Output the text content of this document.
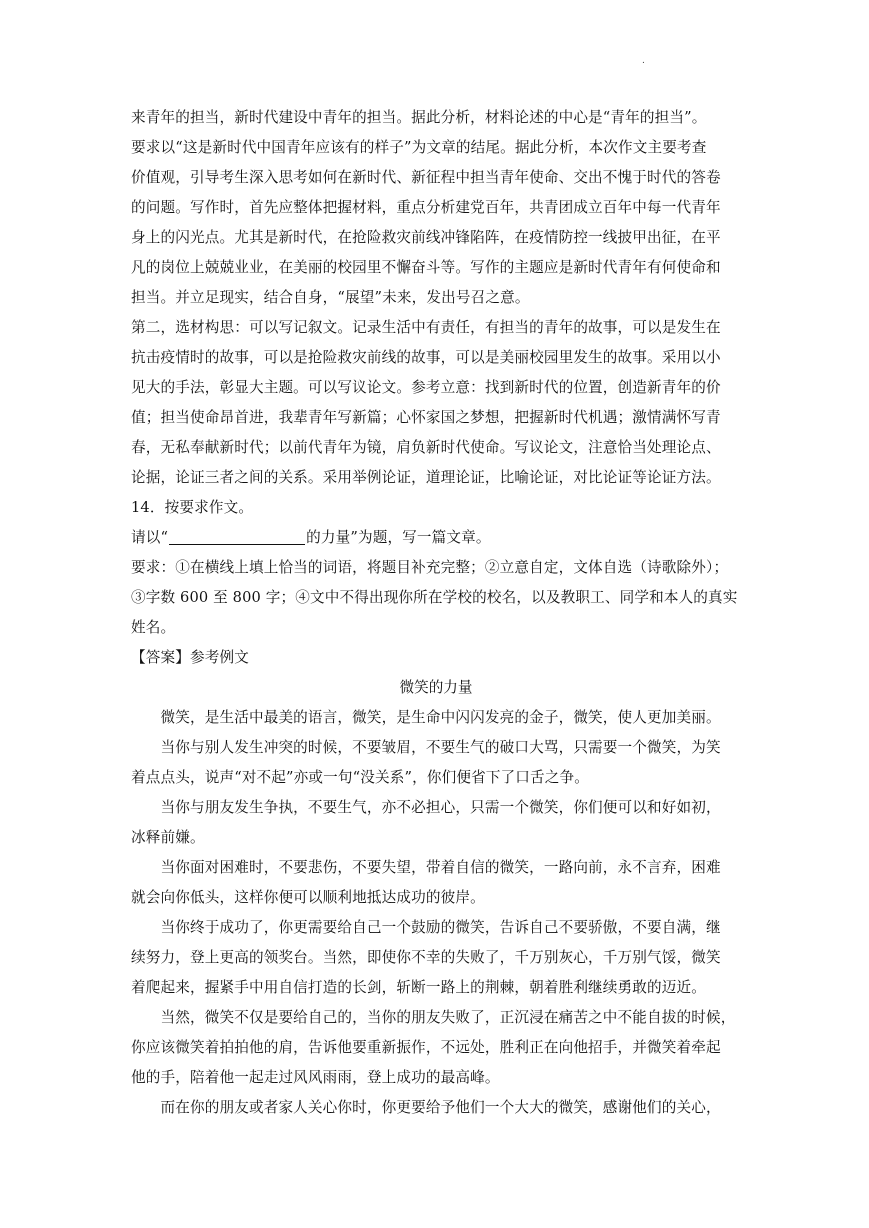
.
来青年的担当，新时代建设中青年的担当。据此分析，材料论述的中心是“青年的担当”。
要求以“这是新时代中国青年应该有的样子”为文章的结尾。据此分析，本次作文主要考查
价值观，引导考生深入思考如何在新时代、新征程中担当青年使命、交出不愧于时代的答卷
的问题。写作时，首先应整体把握材料，重点分析建党百年，共青团成立百年中每一代青年
身上的闪光点。尤其是新时代，在抢险救灾前线冲锋陷阵，在疫情防控一线披甲出征，在平
凡的岗位上兢兢业业，在美丽的校园里不懈奋斗等。写作的主题应是新时代青年有何使命和
担当。并立足现实，结合自身，“展望”未来，发出号召之意。
第二，选材构思：可以写记叙文。记录生活中有责任，有担当的青年的故事，可以是发生在
抗击疫情时的故事，可以是抢险救灾前线的故事，可以是美丽校园里发生的故事。采用以小
见大的手法，彰显大主题。可以写议论文。参考立意：找到新时代的位置，创造新青年的价
值；担当使命昂首进，我辈青年写新篇；心怀家国之梦想，把握新时代机遇；激情满怀写青
春，无私奉献新时代；以前代青年为镜，肩负新时代使命。写议论文，注意恰当处理论点、
论据，论证三者之间的关系。采用举例论证，道理论证，比喻论证，对比论证等论证方法。
14．按要求作文。
请以“	的力量”为题，写一篇文章。
要求：①在横线上填上恰当的词语，将题目补充完整；②立意自定，文体自选（诗歌除外）；
③字数 600 至 800 字；④文中不得出现你所在学校的校名，以及教职工、同学和本人的真实
姓名。
【答案】参考例文
微笑的力量
　　微笑，是生活中最美的语言，微笑，是生命中闪闪发亮的金子，微笑，使人更加美丽。
　　当你与别人发生冲突的时候，不要皱眉，不要生气的破口大骂，只需要一个微笑，为笑
着点点头，说声“对不起”亦或一句“没关系”，你们便省下了口舌之争。
　　当你与朋友发生争执，不要生气，亦不必担心，只需一个微笑，你们便可以和好如初，
冰释前嫌。
　　当你面对困难时，不要悲伤，不要失望，带着自信的微笑，一路向前，永不言弃，困难
就会向你低头，这样你便可以顺利地抵达成功的彼岸。
　　当你终于成功了，你更需要给自己一个鼓励的微笑，告诉自己不要骄傲，不要自满，继
续努力，登上更高的领奖台。当然，即使你不幸的失败了，千万别灰心，千万别气馁，微笑
着爬起来，握紧手中用自信打造的长剑，斩断一路上的荆棘，朝着胜利继续勇敢的迈近。
　　当然，微笑不仅是要给自己的，当你的朋友失败了，正沉浸在痛苦之中不能自拔的时候，
你应该微笑着拍拍他的肩，告诉他要重新振作，不远处，胜利正在向他招手，并微笑着牵起
他的手，陪着他一起走过风风雨雨，登上成功的最高峰。
　　而在你的朋友或者家人关心你时，你更要给予他们一个大大的微笑，感谢他们的关心，
